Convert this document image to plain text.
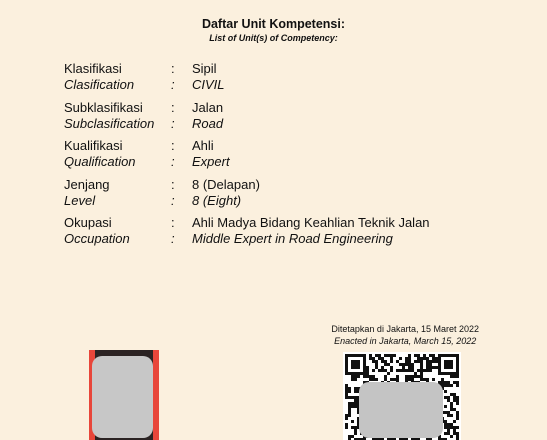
Daftar Unit Kompetensi:
List of Unit(s) of Competency:
Klasifikasi	: Sipil
Clasification	: CIVIL
Subklasifikasi : Jalan
Subclasification : Road
Kualifikasi	: Ahli
Qualification	: Expert
Jenjang	: 8 (Delapan)
Level	: 8 (Eight)
Okupasi	: Ahli Madya Bidang Keahlian Teknik Jalan
Occupation	: Middle Expert in Road Engineering
Ditetapkan di Jakarta, 15 Maret 2022
Enacted in Jakarta, March 15, 2022
